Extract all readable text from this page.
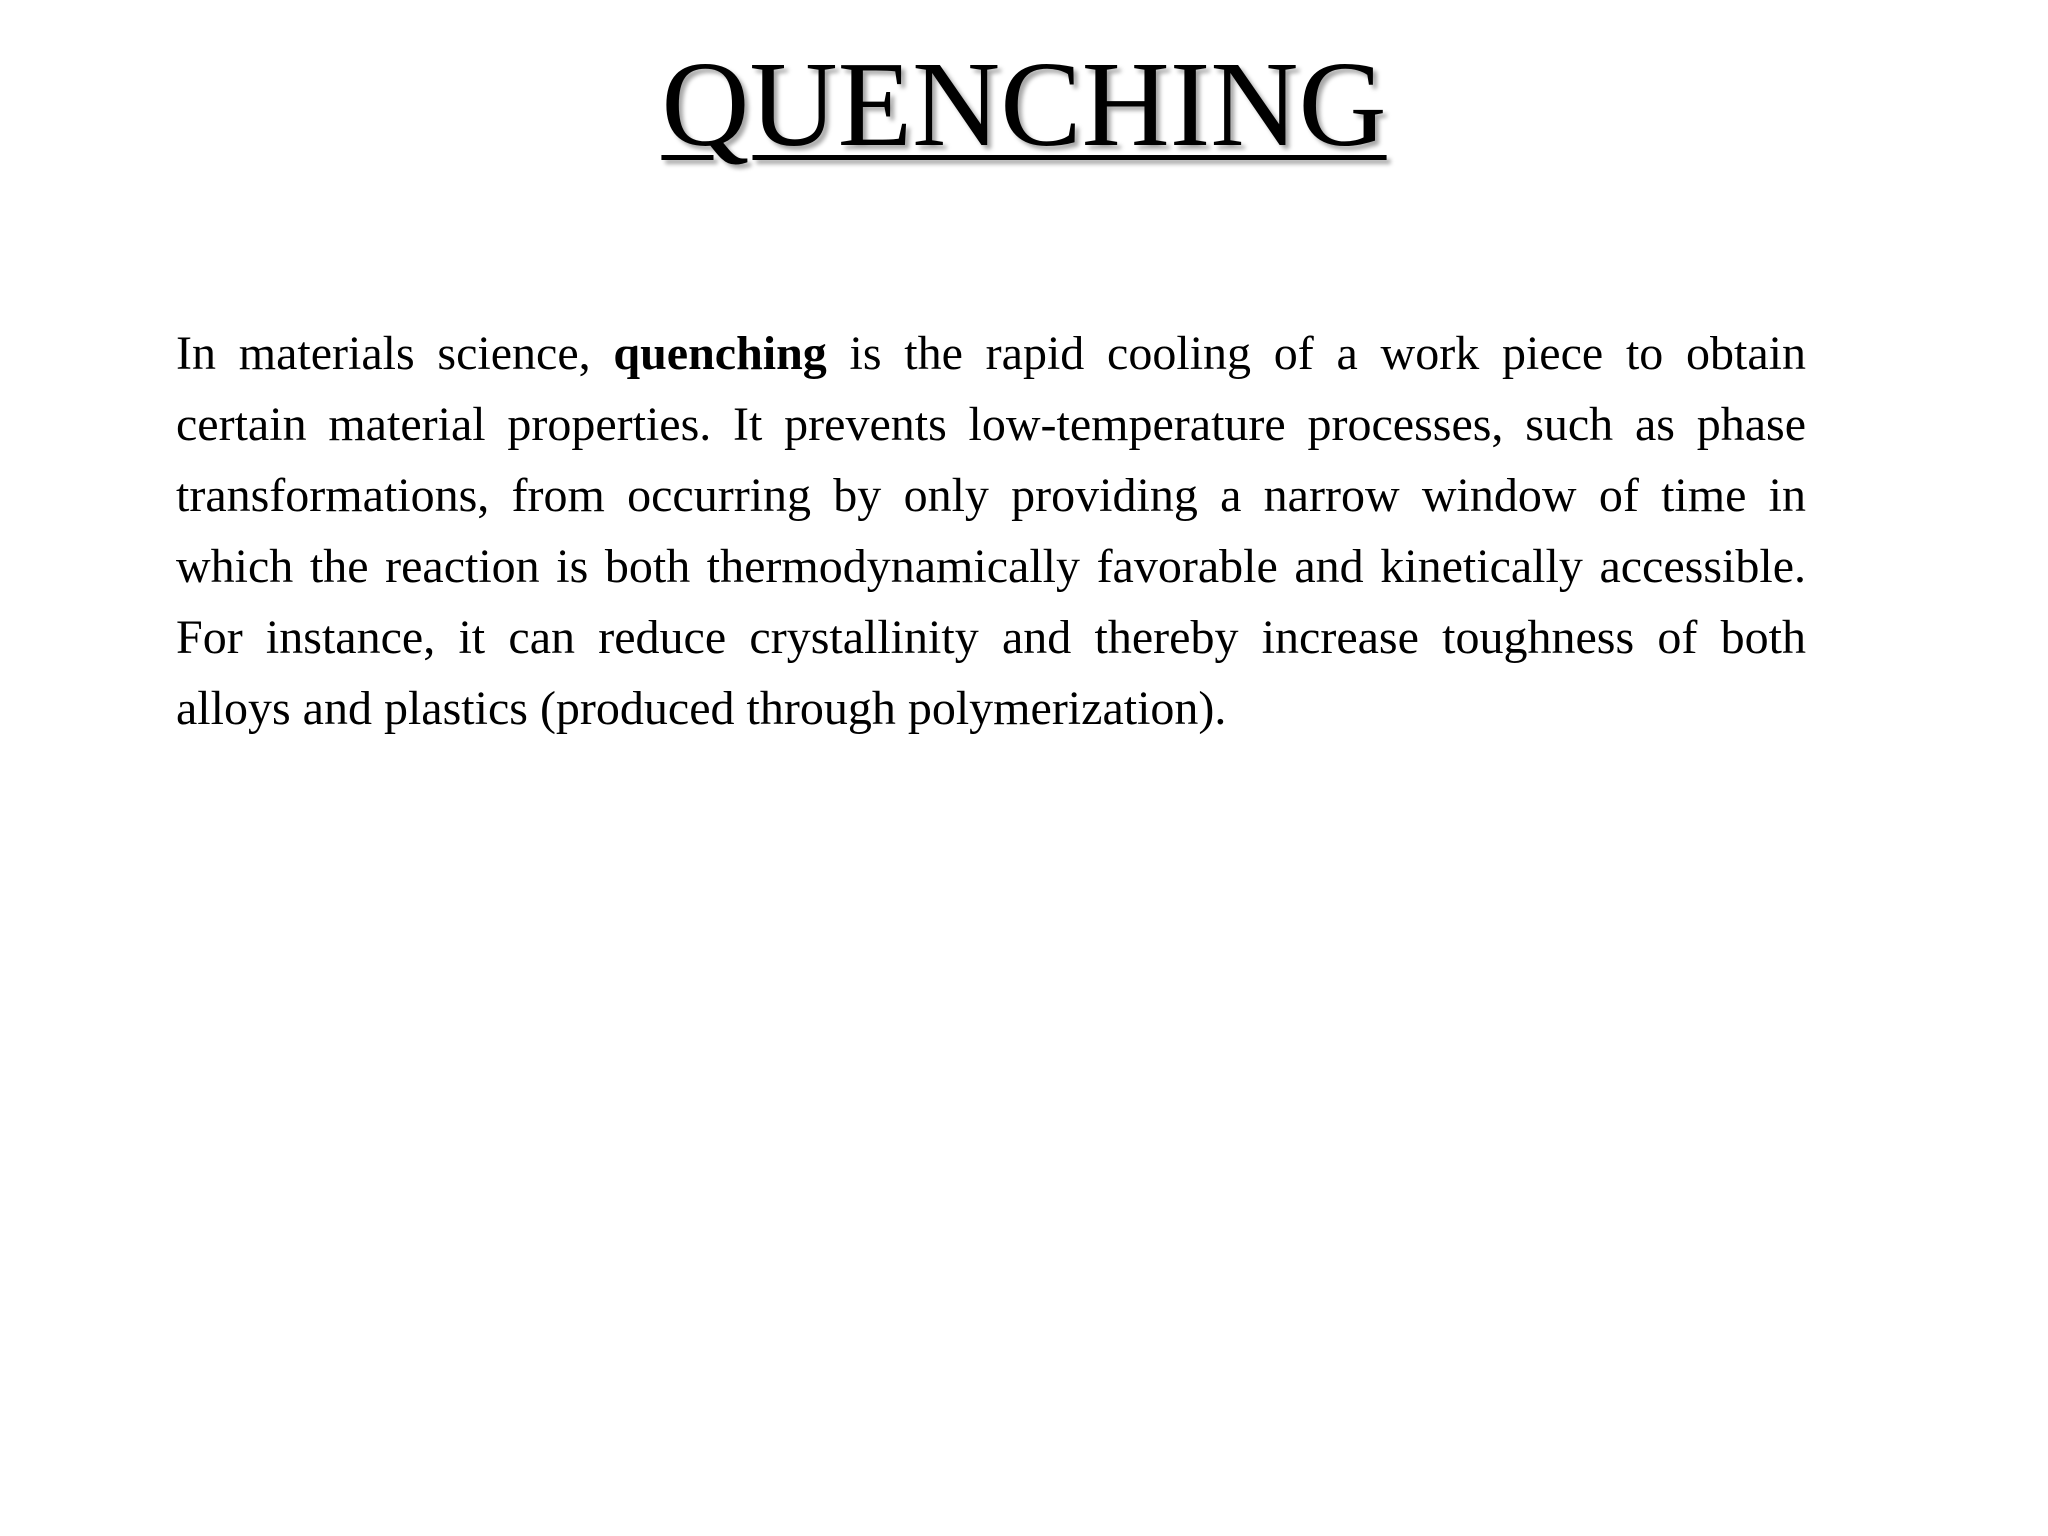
QUENCHING

In materials science, quenching is the rapid cooling of a work piece to obtain certain material properties. It prevents low-temperature processes, such as phase transformations, from occurring by only providing a narrow window of time in which the reaction is both thermodynamically favorable and kinetically accessible. For instance, it can reduce crystallinity and thereby increase toughness of both alloys and plastics (produced through polymerization).
